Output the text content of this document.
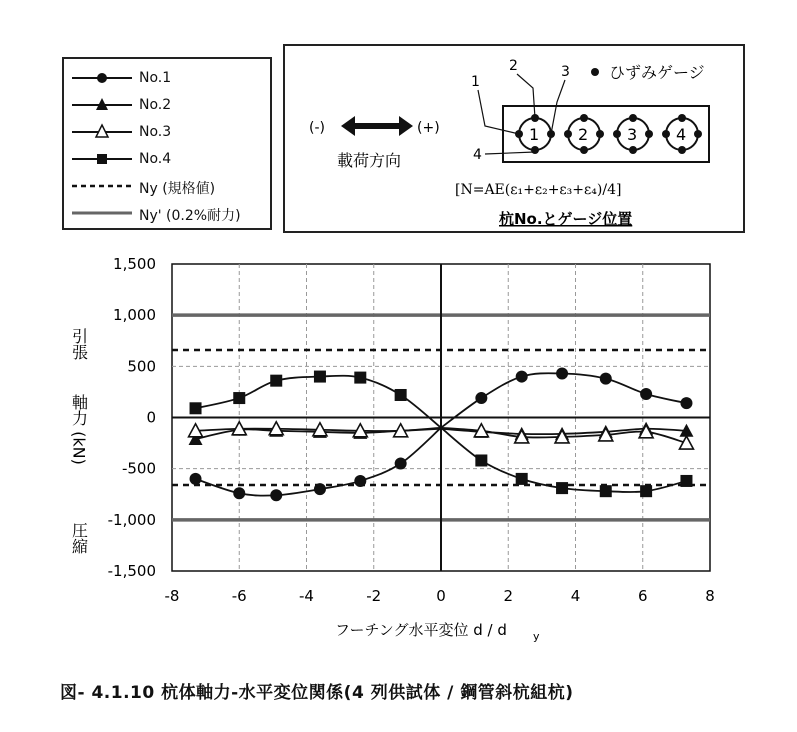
No.1
No.2
No.3
No.4
Ny (規格値)
Ny' (0.2%耐力)
(-)	(+)
載荷方向
ひずみゲージ
1 2 3 4
1
2	3
4
[N=AE(ε₁+ε₂+ε₃+ε₄)/4]
杭No.とゲージ位置
-8	-6	-4	-2	0	2	4	6	8
1,500
1,000
500
0
-500
-1,000
-1,500
引張
軸力 (kN)
圧縮
フーチング水平変位 d / d y
図- 4.1.10 杭体軸力-水平変位関係(4 列供試体 / 鋼管斜杭組杭)
